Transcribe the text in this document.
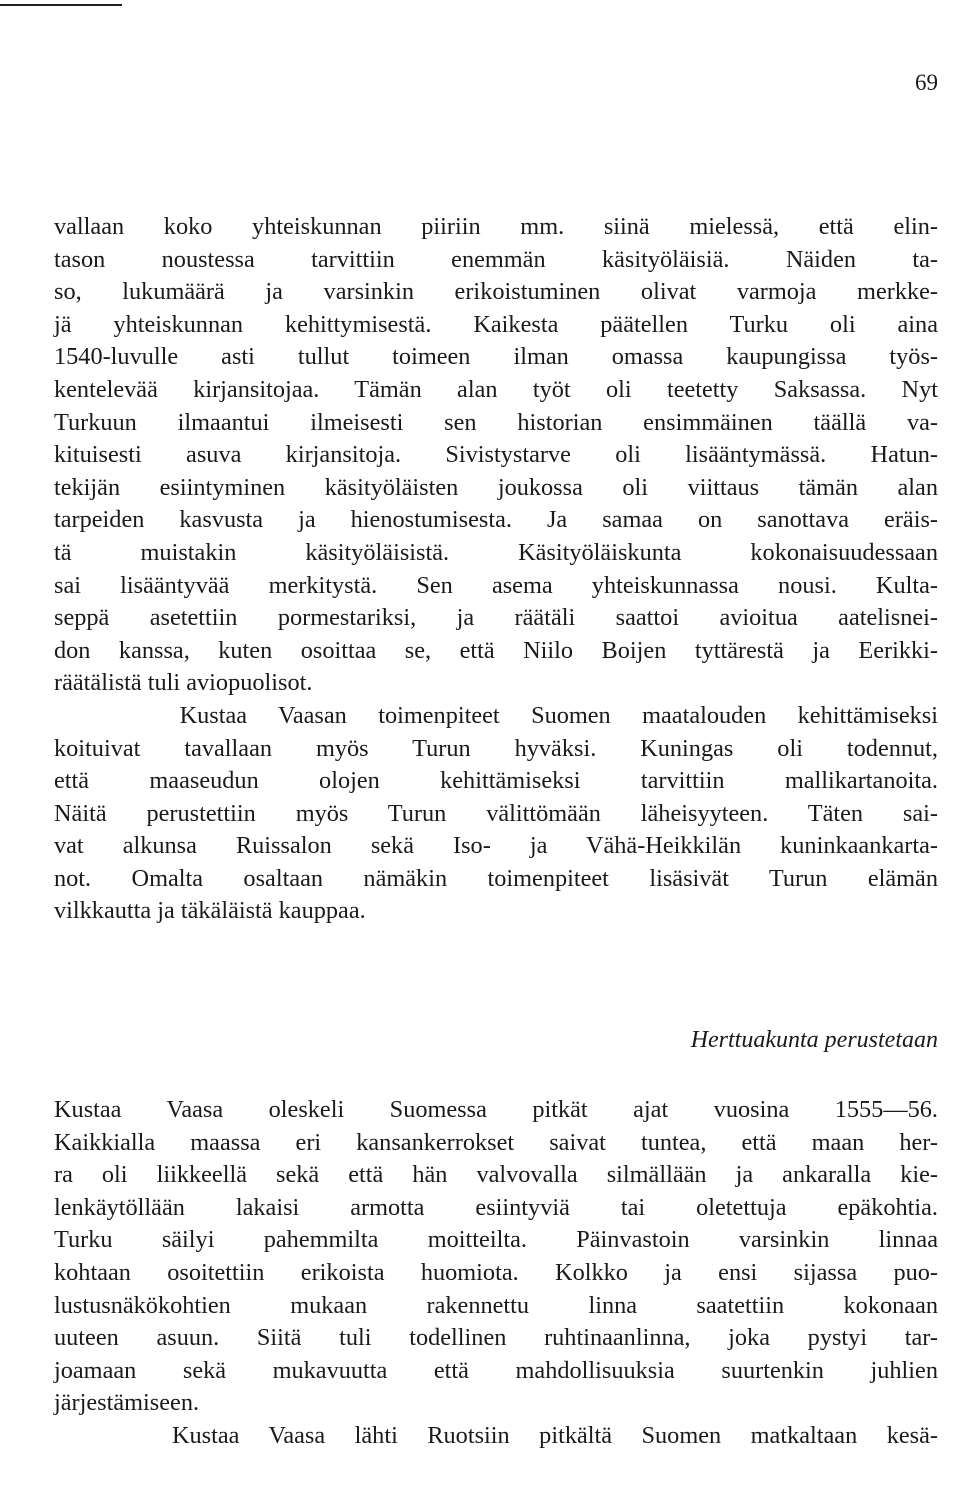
69
vallaan koko yhteiskunnan piiriin mm. siinä mielessä, että elin-
tason noustessa tarvittiin enemmän käsityöläisiä. Näiden ta-
so, lukumäärä ja varsinkin erikoistuminen olivat varmoja merkke-
jä yhteiskunnan kehittymisestä. Kaikesta päätellen Turku oli aina
1540-luvulle asti tullut toimeen ilman omassa kaupungissa työs-
kentelevää kirjansitojaa. Tämän alan työt oli teetetty Saksassa. Nyt
Turkuun ilmaantui ilmeisesti sen historian ensimmäinen täällä va-
kituisesti asuva kirjansitoja. Sivistystarve oli lisääntymässä. Hatun-
tekijän esiintyminen käsityöläisten joukossa oli viittaus tämän alan
tarpeiden kasvusta ja hienostumisesta. Ja samaa on sanottava eräis-
tä muistakin käsityöläisistä. Käsityöläiskunta kokonaisuudessaan
sai lisääntyvää merkitystä. Sen asema yhteiskunnassa nousi. Kulta-
seppä asetettiin pormestariksi, ja räätäli saattoi avioitua aatelisnei-
don kanssa, kuten osoittaa se, että Niilo Boijen tyttärestä ja Eerikki-
räätälistä tuli aviopuolisot.
Kustaa Vaasan toimenpiteet Suomen maatalouden kehittämiseksi
koituivat tavallaan myös Turun hyväksi. Kuningas oli todennut,
että maaseudun olojen kehittämiseksi tarvittiin mallikartanoita.
Näitä perustettiin myös Turun välittömään läheisyyteen. Täten sai-
vat alkunsa Ruissalon sekä Iso- ja Vähä-Heikkilän kuninkaankarta-
not. Omalta osaltaan nämäkin toimenpiteet lisäsivät Turun elämän
vilkkautta ja täkäläistä kauppaa.
Herttuakunta perustetaan
Kustaa Vaasa oleskeli Suomessa pitkät ajat vuosina 1555—56.
Kaikkialla maassa eri kansankerrokset saivat tuntea, että maan her-
ra oli liikkeellä sekä että hän valvovalla silmällään ja ankaralla kie-
lenkäytöllään lakaisi armotta esiintyviä tai oletettuja epäkohtia.
Turku säilyi pahemmilta moitteilta. Päinvastoin varsinkin linnaa
kohtaan osoitettiin erikoista huomiota. Kolkko ja ensi sijassa puo-
lustusnäkökohtien mukaan rakennettu linna saatettiin kokonaan
uuteen asuun. Siitä tuli todellinen ruhtinaanlinna, joka pystyi tar-
joamaan sekä mukavuutta että mahdollisuuksia suurtenkin juhlien
järjestämiseen.
Kustaa Vaasa lähti Ruotsiin pitkältä Suomen matkaltaan kesä-
